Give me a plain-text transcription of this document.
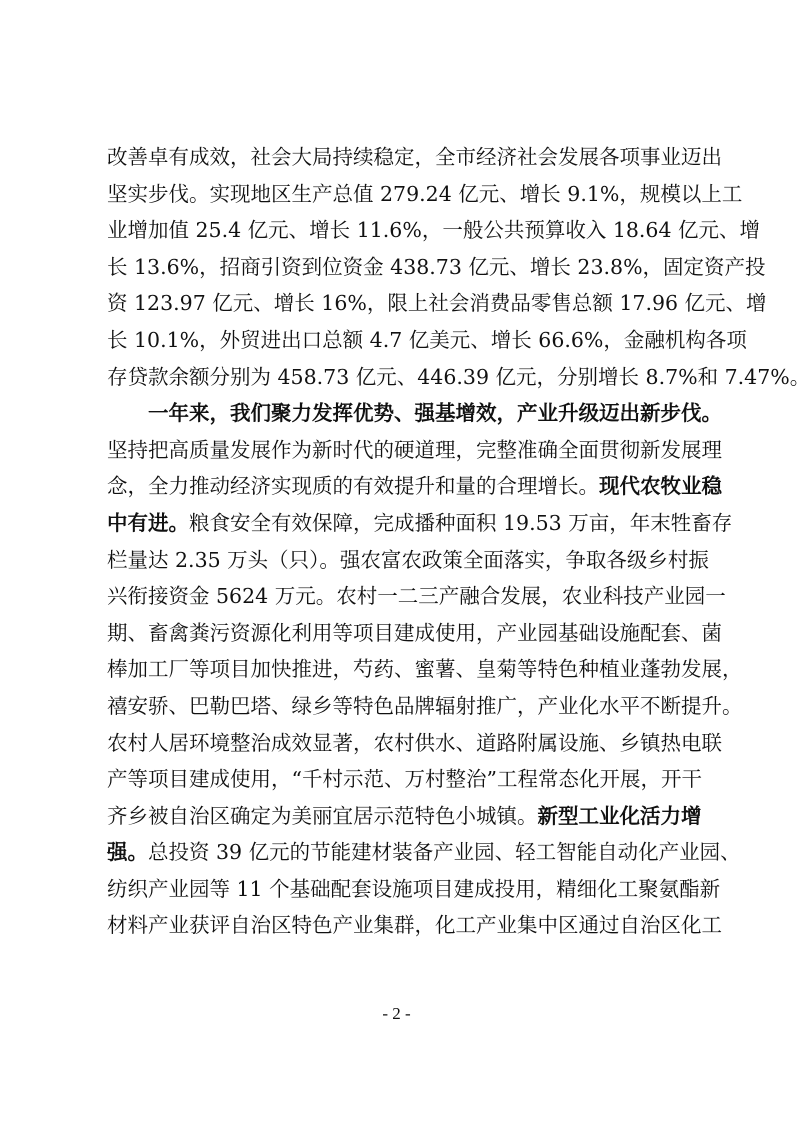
改善卓有成效，社会大局持续稳定，全市经济社会发展各项事业迈出
坚实步伐。实现地区生产总值 279.24 亿元、增长 9.1%，规模以上工
业增加值 25.4 亿元、增长 11.6%，一般公共预算收入 18.64 亿元、增
长 13.6%，招商引资到位资金 438.73 亿元、增长 23.8%，固定资产投
资 123.97 亿元、增长 16%，限上社会消费品零售总额 17.96 亿元、增
长 10.1%，外贸进出口总额 4.7 亿美元、增长 66.6%，金融机构各项
存贷款余额分别为 458.73 亿元、446.39 亿元，分别增长 8.7%和 7.47%。
一年来，我们聚力发挥优势、强基增效，产业升级迈出新步伐。
坚持把高质量发展作为新时代的硬道理，完整准确全面贯彻新发展理
念，全力推动经济实现质的有效提升和量的合理增长。现代农牧业稳
中有进。粮食安全有效保障，完成播种面积 19.53 万亩，年末牲畜存
栏量达 2.35 万头（只）。强农富农政策全面落实，争取各级乡村振
兴衔接资金 5624 万元。农村一二三产融合发展，农业科技产业园一
期、畜禽粪污资源化利用等项目建成使用，产业园基础设施配套、菌
棒加工厂等项目加快推进，芍药、蜜薯、皇菊等特色种植业蓬勃发展，
禧安骄、巴勒巴塔、绿乡等特色品牌辐射推广，产业化水平不断提升。
农村人居环境整治成效显著，农村供水、道路附属设施、乡镇热电联
产等项目建成使用，“千村示范、万村整治”工程常态化开展，开干
齐乡被自治区确定为美丽宜居示范特色小城镇。新型工业化活力增
强。总投资 39 亿元的节能建材装备产业园、轻工智能自动化产业园、
纺织产业园等 11 个基础配套设施项目建成投用，精细化工聚氨酯新
材料产业获评自治区特色产业集群，化工产业集中区通过自治区化工
- 2 -
